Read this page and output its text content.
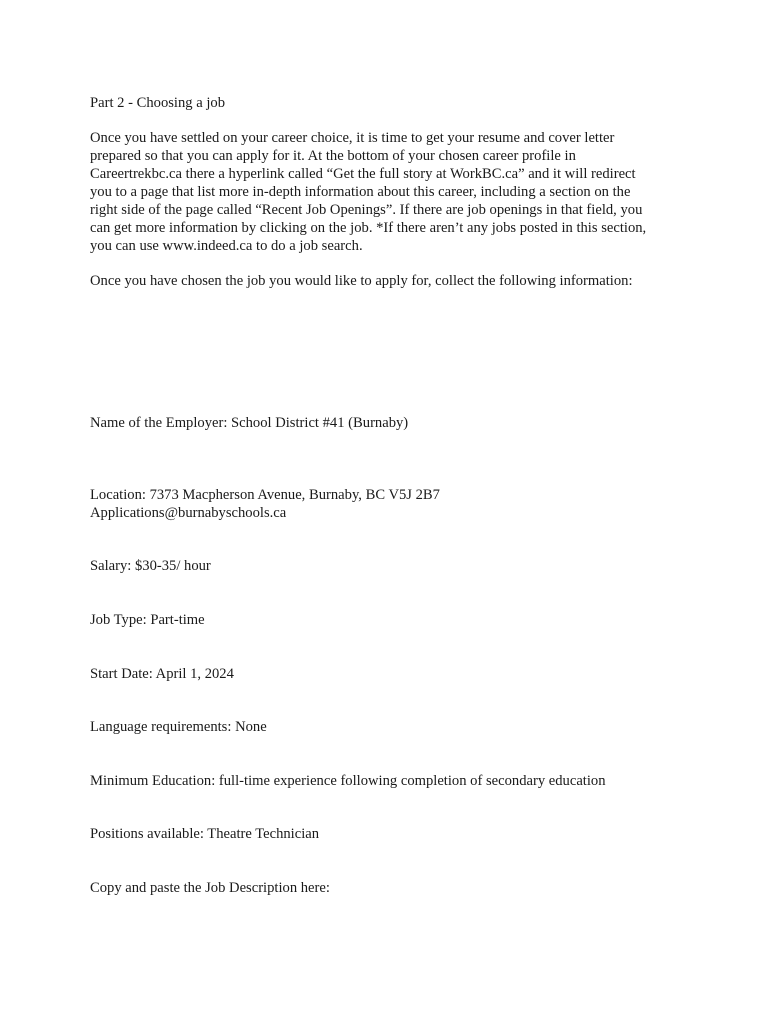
Part 2 - Choosing a job
Once you have settled on your career choice, it is time to get your resume and cover letter
prepared so that you can apply for it. At the bottom of your chosen career profile in
Careertrekbc.ca there a hyperlink called “Get the full story at WorkBC.ca” and it will redirect
you to a page that list more in-depth information about this career, including a section on the
right side of the page called “Recent Job Openings”. If there are job openings in that field, you
can get more information by clicking on the job. *If there aren’t any jobs posted in this section,
you can use www.indeed.ca to do a job search.
Once you have chosen the job you would like to apply for, collect the following information:
Name of the Employer: School District #41 (Burnaby)
Location: 7373 Macpherson Avenue, Burnaby, BC V5J 2B7
Applications@burnabyschools.ca
Salary: $30-35/ hour
Job Type: Part-time
Start Date: April 1, 2024
Language requirements: None
Minimum Education: full-time experience following completion of secondary education
Positions available: Theatre Technician
Copy and paste the Job Description here:
